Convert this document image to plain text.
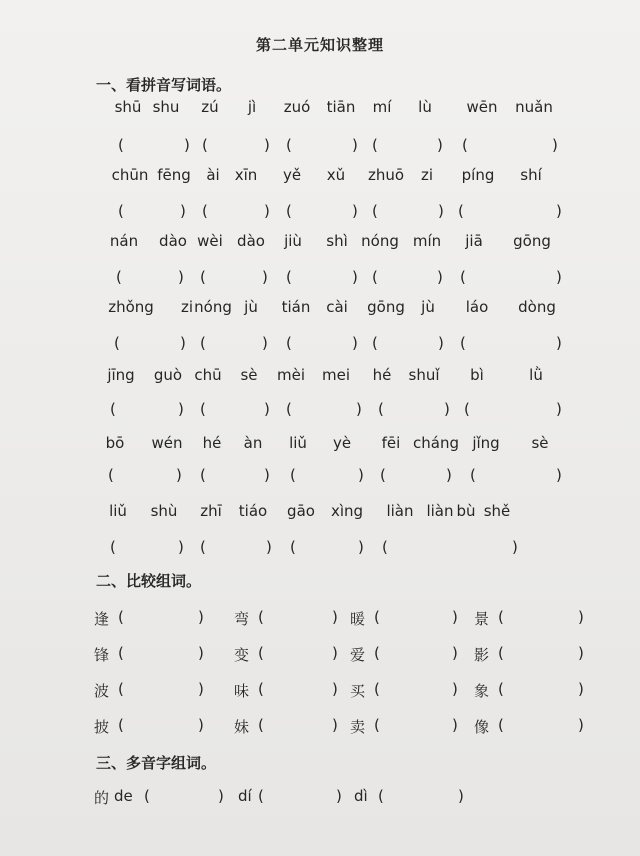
第二单元知识整理
一、看拼音写词语。
shū shu zú jì zuó tiān mí lù wēn nuǎn
(	) (	) (	) (	) (	)
chūn fēng ài xīn yě xǔ zhuō zi píng shí
(	) (	) (	) (	) (	)
nán dào wèi dào jiù shì nóng mín jiā gōng
(	) (	) (	) (	) (	)
zhǒng zi nóng jù tián cài gōng jù láo dòng
(	) (	) (	) (	) (	)
jīng guò chū sè mèi mei hé shuǐ bì	lǜ
(	) (	) (	) (	) (	)
bō wén hé àn liǔ yè fēi cháng jǐng sè
(	) (	) (	) (	) (	)
liǔ shù zhī tiáo gāo xìng liàn liàn bù shě
(	) (	) (	) (	)
二、比较组词。
逢 (	) 弯 (	) 暖 (	) 景 (	)
锋 (	) 变 (	) 爱 (	) 影 (	)
波 (	) 味 (	) 买 (	) 象 (	)
披 (	) 妹 (	) 卖 (	) 像 (	)
三、多音字组词。
的 de (	) dí (	) dì (	)
